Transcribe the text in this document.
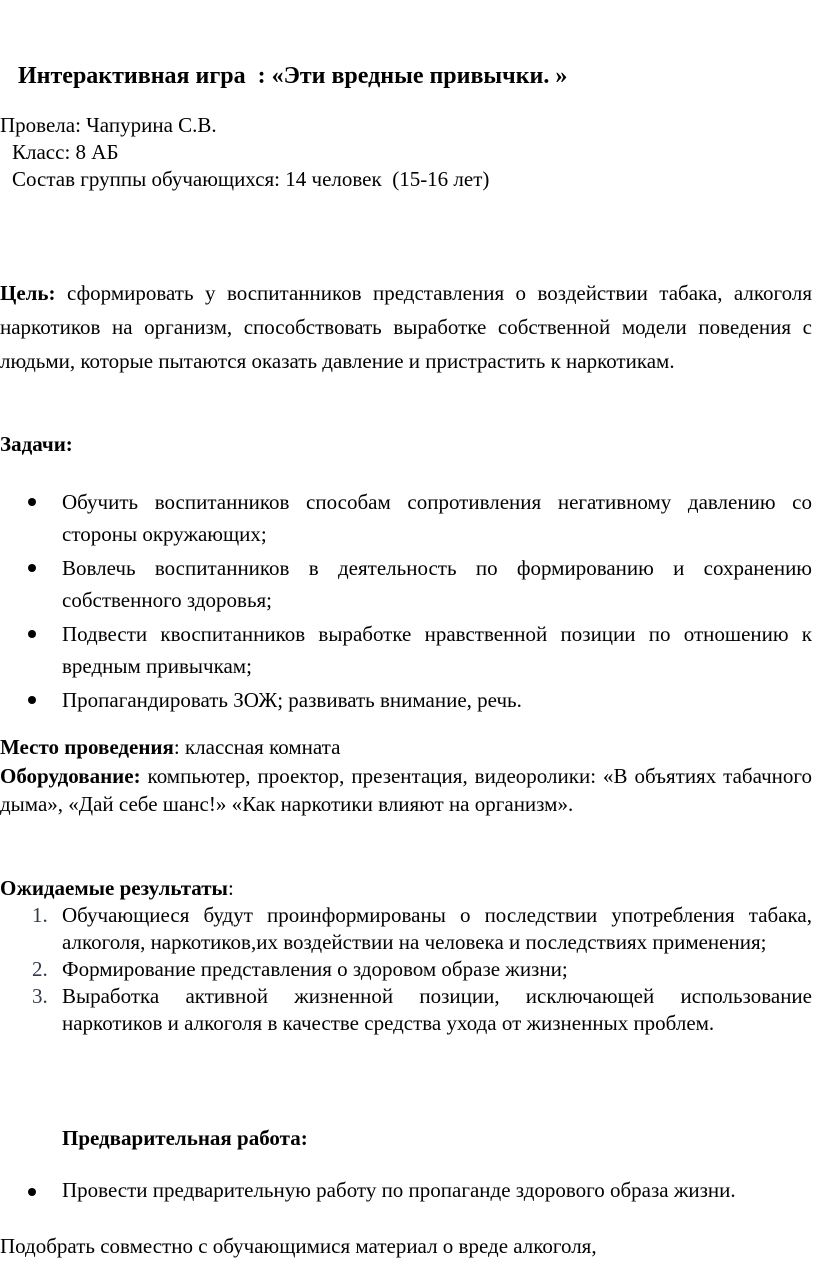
Интерактивная игра  : «Эти вредные привычки. »
Провела: Чапурина С.В.
Класс: 8 АБ
Состав группы обучающихся: 14 человек  (15-16 лет)
Цель: сформировать у воспитанников представления о воздействии табака, алкоголя наркотиков на организм, способствовать выработке собственной модели поведения с людьми, которые пытаются оказать давление и пристрастить к наркотикам.
Задачи:
Обучить воспитанников способам сопротивления негативному давлению со стороны окружающих;
Вовлечь воспитанников в деятельность по формированию и сохранению собственного здоровья;
Подвести квоспитанников выработке нравственной позиции по отношению к вредным привычкам;
Пропагандировать ЗОЖ; развивать внимание, речь.
Место проведения: классная комната
Оборудование: компьютер, проектор, презентация, видеоролики: «В объятиях табачного дыма», «Дай себе шанс!» «Как наркотики влияют на организм».
Ожидаемые результаты:
1. Обучающиеся будут проинформированы о последствии употребления табака, алкоголя, наркотиков,их воздействии на человека и последствиях применения;
2. Формирование представления о здоровом образе жизни;
3. Выработка активной жизненной позиции, исключающей использование наркотиков и алкоголя в качестве средства ухода от жизненных проблем.
Предварительная работа:
Провести предварительную работу по пропаганде здорового образа жизни.
Подобрать совместно с обучающимися материал о вреде алкоголя,
